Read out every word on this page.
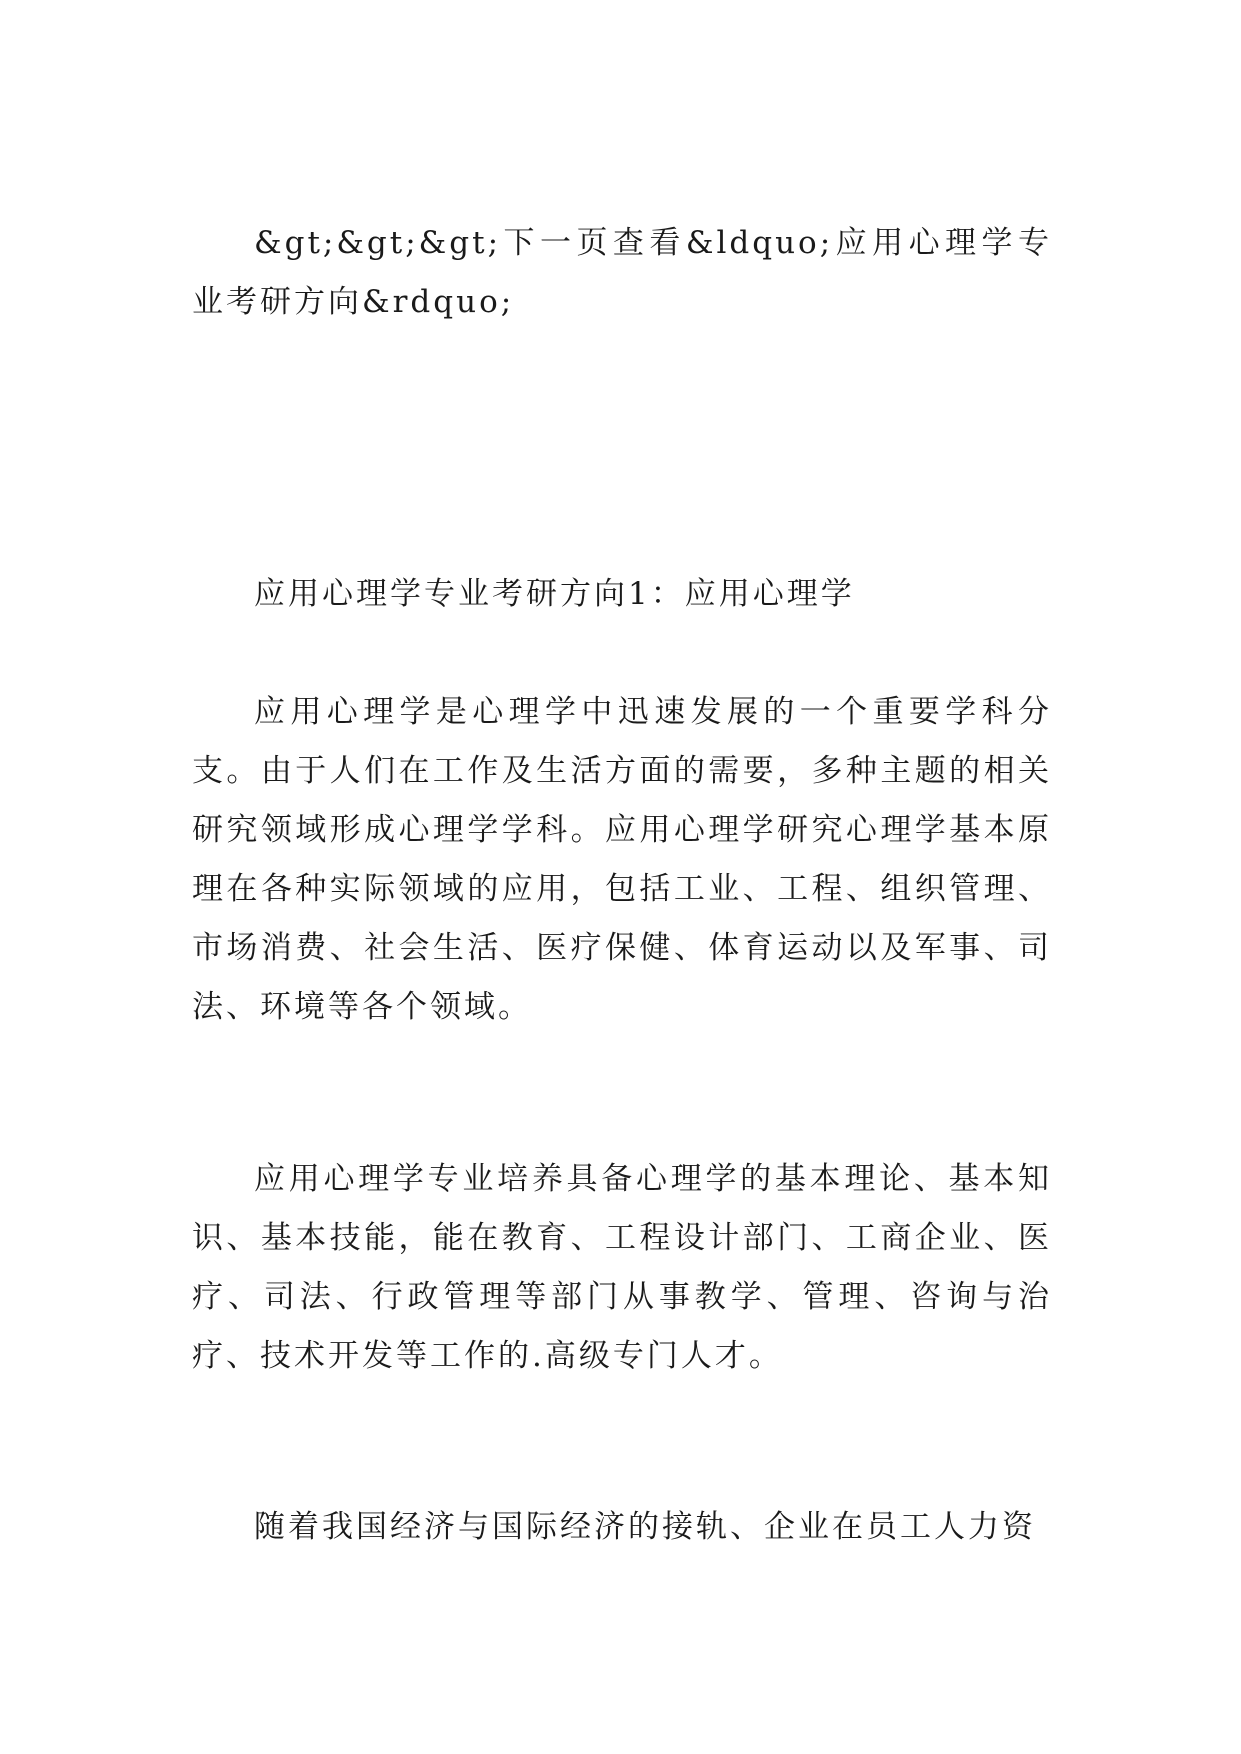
&gt;&gt;&gt;下一页查看&ldquo;应用心理学专业考研方向&rdquo;

应用心理学专业考研方向1：应用心理学

应用心理学是心理学中迅速发展的一个重要学科分支。由于人们在工作及生活方面的需要，多种主题的相关研究领域形成心理学学科。应用心理学研究心理学基本原理在各种实际领域的应用，包括工业、工程、组织管理、市场消费、社会生活、医疗保健、体育运动以及军事、司法、环境等各个领域。

应用心理学专业培养具备心理学的基本理论、基本知识、基本技能，能在教育、工程设计部门、工商企业、医疗、司法、行政管理等部门从事教学、管理、咨询与治疗、技术开发等工作的.高级专门人才。

随着我国经济与国际经济的接轨、企业在员工人力资
